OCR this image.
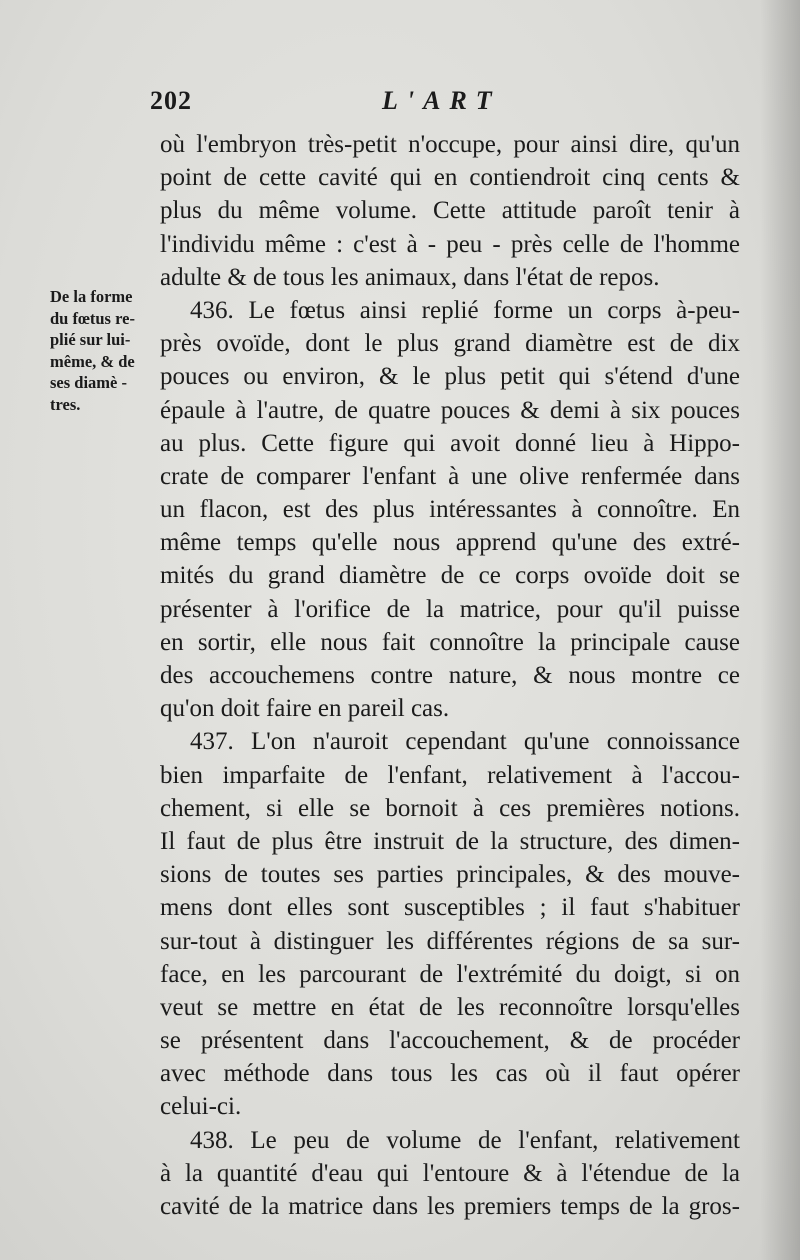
202	L'ART
De la forme
du fœtus re-
plié sur lui-
même, & de
ses diamè -
tres.
où l'embryon très-petit n'occupe, pour ainsi dire, qu'un
point de cette cavité qui en contiendroit cinq cents &
plus du même volume. Cette attitude paroît tenir à
l'individu même : c'est à - peu - près celle de l'homme
adulte & de tous les animaux, dans l'état de repos.
436. Le fœtus ainsi replié forme un corps à-peu-
près ovoïde, dont le plus grand diamètre est de dix
pouces ou environ, & le plus petit qui s'étend d'une
épaule à l'autre, de quatre pouces & demi à six pouces
au plus. Cette figure qui avoit donné lieu à Hippo-
crate de comparer l'enfant à une olive renfermée dans
un flacon, est des plus intéressantes à connoître. En
même temps qu'elle nous apprend qu'une des extré-
mités du grand diamètre de ce corps ovoïde doit se
présenter à l'orifice de la matrice, pour qu'il puisse
en sortir, elle nous fait connoître la principale cause
des accouchemens contre nature, & nous montre ce
qu'on doit faire en pareil cas.
437. L'on n'auroit cependant qu'une connoissance
bien imparfaite de l'enfant, relativement à l'accou-
chement, si elle se bornoit à ces premières notions.
Il faut de plus être instruit de la structure, des dimen-
sions de toutes ses parties principales, & des mouve-
mens dont elles sont susceptibles ; il faut s'habituer
sur-tout à distinguer les différentes régions de sa sur-
face, en les parcourant de l'extrémité du doigt, si on
veut se mettre en état de les reconnoître lorsqu'elles
se présentent dans l'accouchement, & de procéder
avec méthode dans tous les cas où il faut opérer
celui-ci.
438. Le peu de volume de l'enfant, relativement
à la quantité d'eau qui l'entoure & à l'étendue de la
cavité de la matrice dans les premiers temps de la gros-
